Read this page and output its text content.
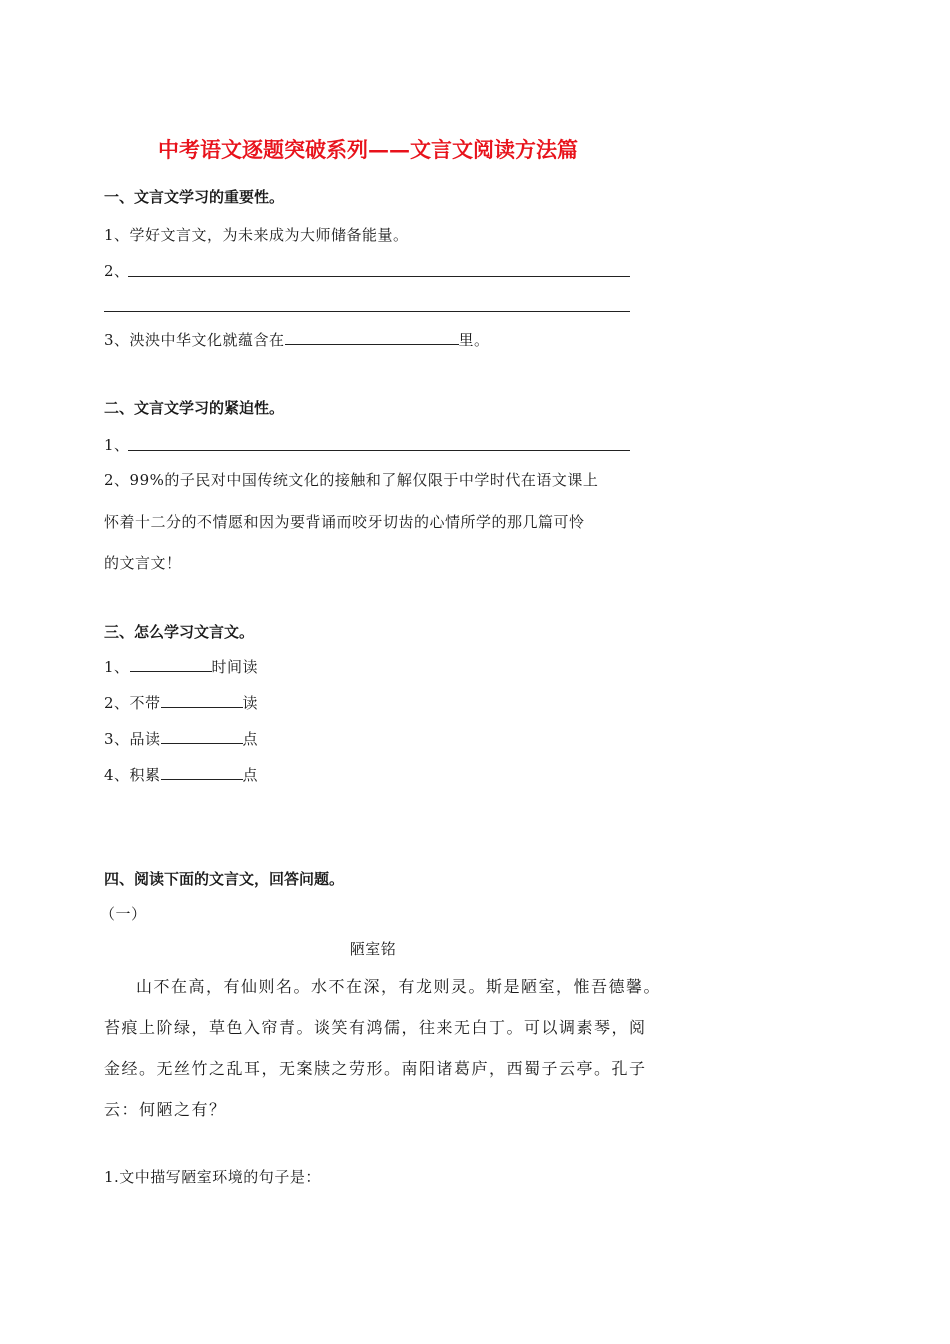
中考语文逐题突破系列——文言文阅读方法篇
一、文言文学习的重要性。
1、学好文言文，为未来成为大师储备能量。
2、
3、泱泱中华文化就蕴含在	里。
二、文言文学习的紧迫性。
1、
2、99%的子民对中国传统文化的接触和了解仅限于中学时代在语文课上
怀着十二分的不情愿和因为要背诵而咬牙切齿的心情所学的那几篇可怜
的文言文！
三、怎么学习文言文。
1、	时间读
2、不带	读
3、品读	点
4、积累	点
四、阅读下面的文言文，回答问题。
（一）
陋室铭
山不在高，有仙则名。水不在深，有龙则灵。斯是陋室，惟吾德馨。
苔痕上阶绿，草色入帘青。谈笑有鸿儒，往来无白丁。可以调素琴，阅
金经。无丝竹之乱耳，无案牍之劳形。南阳诸葛庐，西蜀子云亭。孔子
云：何陋之有？
1.文中描写陋室环境的句子是：
